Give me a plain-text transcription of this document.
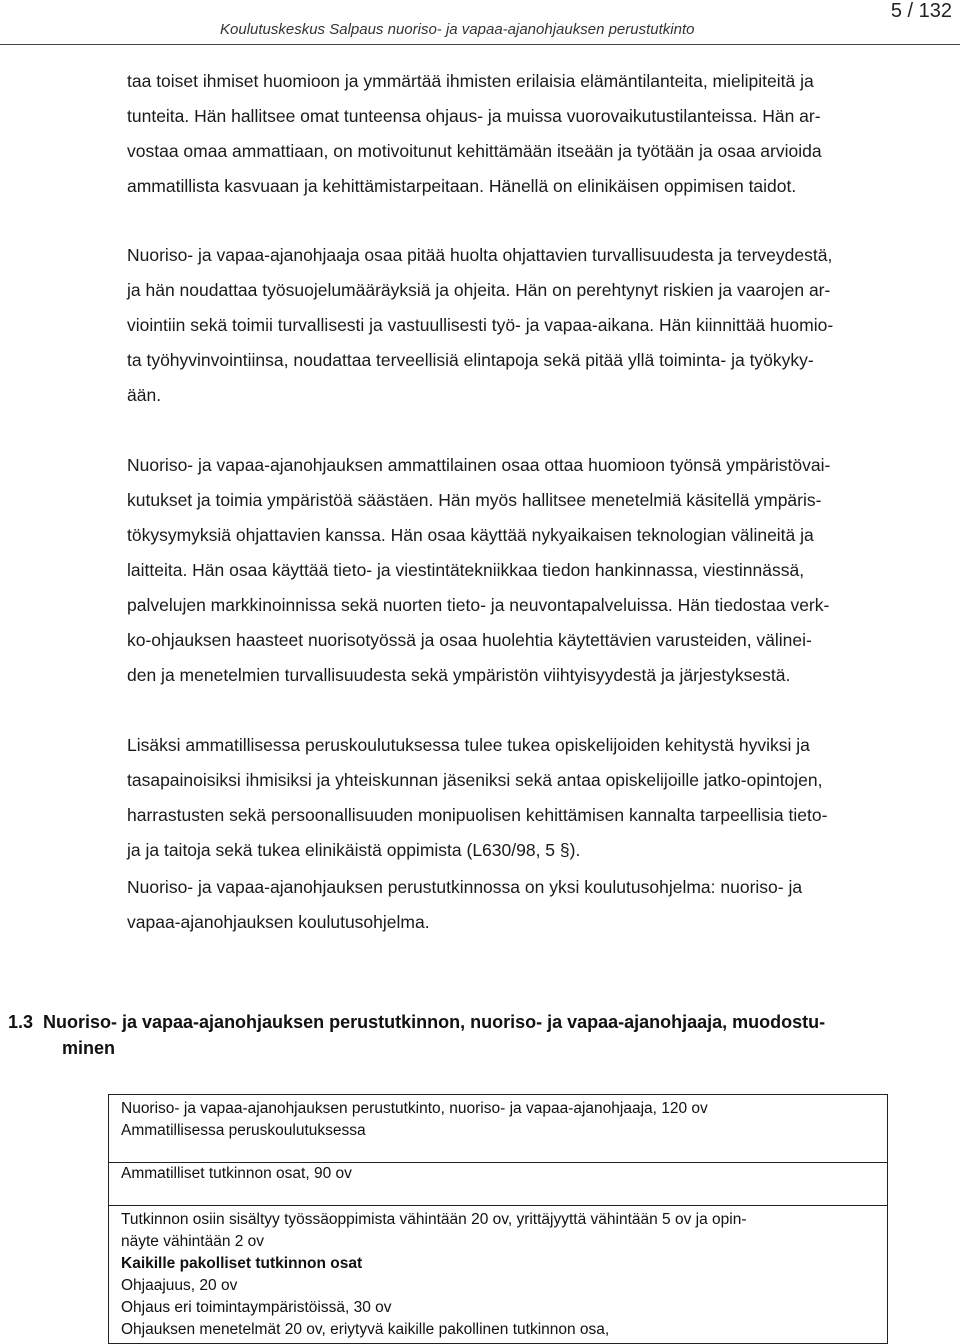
Koulutuskeskus Salpaus nuoriso- ja vapaa-ajanohjauksen perustutkinto
5 / 132
taa toiset ihmiset huomioon ja ymmärtää ihmisten erilaisia elämäntilanteita, mielipiteitä ja
tunteita. Hän hallitsee omat tunteensa ohjaus- ja muissa vuorovaikutustilanteissa. Hän ar-
vostaa omaa ammattiaan, on motivoitunut kehittämään itseään ja työtään ja osaa arvioida
ammatillista kasvuaan ja kehittämistarpeitaan. Hänellä on elinikäisen oppimisen taidot.
Nuoriso- ja vapaa-ajanohjaaja osaa pitää huolta ohjattavien turvallisuudesta ja terveydestä,
ja hän noudattaa työsuojelumääräyksiä ja ohjeita. Hän on perehtynyt riskien ja vaarojen ar-
viointiin sekä toimii turvallisesti ja vastuullisesti työ- ja vapaa-aikana. Hän kiinnittää huomio-
ta työhyvinvointiinsa, noudattaa terveellisiä elintapoja sekä pitää yllä toiminta- ja työkyky-
ään.
Nuoriso- ja vapaa-ajanohjauksen ammattilainen osaa ottaa huomioon työnsä ympäristövai-
kutukset ja toimia ympäristöä säästäen. Hän myös hallitsee menetelmiä käsitellä ympäris-
tökysymyksiä ohjattavien kanssa. Hän osaa käyttää nykyaikaisen teknologian välineitä ja
laitteita. Hän osaa käyttää tieto- ja viestintätekniikkaa tiedon hankinnassa, viestinnässä,
palvelujen markkinoinnissa sekä nuorten tieto- ja neuvontapalveluissa. Hän tiedostaa verk-
ko-ohjauksen haasteet nuorisotyössä ja osaa huolehtia käytettävien varusteiden, välinei-
den ja menetelmien turvallisuudesta sekä ympäristön viihtyisyydestä ja järjestyksestä.
Lisäksi ammatillisessa peruskoulutuksessa tulee tukea opiskelijoiden kehitystä hyviksi ja
tasapainoisiksi ihmisiksi ja yhteiskunnan jäseniksi sekä antaa opiskelijoille jatko-opintojen,
harrastusten sekä persoonallisuuden monipuolisen kehittämisen kannalta tarpeellisia tieto-
ja ja taitoja sekä tukea elinikäistä oppimista (L630/98, 5 §).
Nuoriso- ja vapaa-ajanohjauksen perustutkinnossa on yksi koulutusohjelma: nuoriso- ja
vapaa-ajanohjauksen koulutusohjelma.
1.3 Nuoriso- ja vapaa-ajanohjauksen perustutkinnon, nuoriso- ja vapaa-ajanohjaaja, muodostu-
minen
Nuoriso- ja vapaa-ajanohjauksen perustutkinto, nuoriso- ja vapaa-ajanohjaaja, 120 ov
Ammatillisessa peruskoulutuksessa
Ammatilliset tutkinnon osat, 90 ov
Tutkinnon osiin sisältyy työssäoppimista vähintään 20 ov, yrittäjyyttä vähintään 5 ov ja opin-
näyte vähintään 2 ov
Kaikille pakolliset tutkinnon osat
Ohjaajuus, 20 ov
Ohjaus eri toimintaympäristöissä, 30 ov
Ohjauksen menetelmät 20 ov, eriytyvä kaikille pakollinen tutkinnon osa,
